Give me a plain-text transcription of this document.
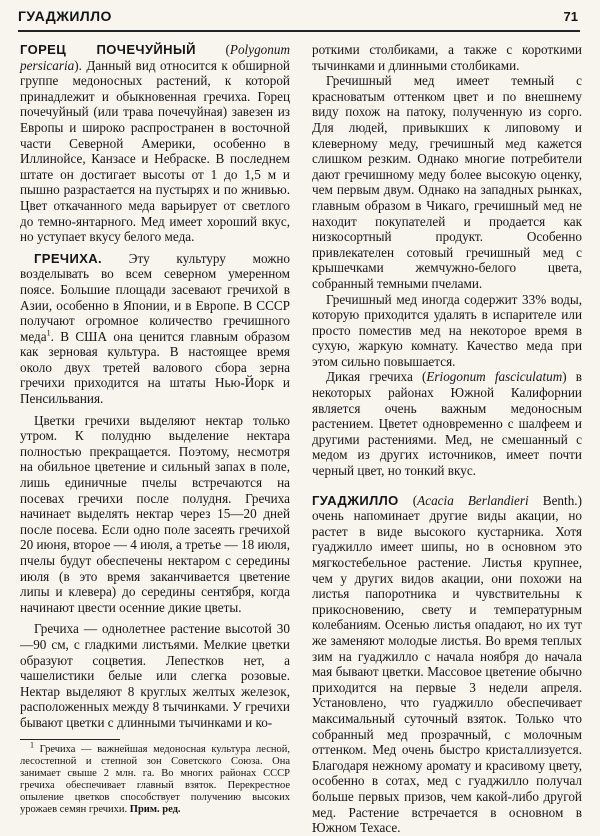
ГУАДЖИЛЛО	71

ГОРЕЦ ПОЧЕЧУЙНЫЙ (Polygonum persicaria). Данный вид относится к обширной группе медоносных растений, к которой принадлежит и обыкновенная гречиха. Горец почечуйный (или трава почечуйная) завезен из Европы и широко распространен в восточной части Северной Америки, особенно в Иллинойсе, Канзасе и Небраске. В последнем штате он достигает высоты от 1 до 1,5 м и пышно разрастается на пустырях и по жнивью. Цвет откачанного меда варьирует от светлого до темно-янтарного. Мед имеет хороший вкус, но уступает вкусу белого меда.

ГРЕЧИХА. Эту культуру можно возделывать во всем северном умеренном поясе. Большие площади засевают гречихой в Азии, особенно в Японии, и в Европе. В СССР получают огромное количество гречишного меда$^1$. В США она ценится главным образом как зерновая культура. В настоящее время около двух третей валового сбора зерна гречихи приходится на штаты Нью-Йорк и Пенсильвания.

Цветки гречихи выделяют нектар только утром. К полудню выделение нектара полностью прекращается. Поэтому, несмотря на обильное цветение и сильный запах в поле, лишь единичные пчелы встречаются на посевах гречихи после полудня. Гречиха начинает выделять нектар через 15—20 дней после посева. Если одно поле засеять гречихой 20 июня, второе — 4 июля, а третье — 18 июля, пчелы будут обеспечены нектаром с середины июля (в это время заканчивается цветение липы и клевера) до середины сентября, когда начинают цвести осенние дикие цветы.

Гречиха — однолетнее растение высотой 30—90 см, с гладкими листьями. Мелкие цветки образуют соцветия. Лепестков нет, а чашелистики белые или слегка розовые. Нектар выделяют 8 круглых желтых железок, расположенных между 8 тычинками. У гречихи бывают цветки с длинными тычинками и ко-

$^1$ Гречиха — важнейшая медоносная культура лесной, лесостепной и степной зон Советского Союза. Она занимает свыше 2 млн. га. Во многих районах СССР гречиха обеспечивает главный взяток. Перекрестное опыление цветков способствует получению высоких урожаев семян гречихи. Прим. ред.

роткими столбиками, а также с короткими тычинками и длинными столбиками.

Гречишный мед имеет темный с красноватым оттенком цвет и по внешнему виду похож на патоку, полученную из сорго. Для людей, привыкших к липовому и клеверному меду, гречишный мед кажется слишком резким. Однако многие потребители дают гречишному меду более высокую оценку, чем первым двум. Однако на западных рынках, главным образом в Чикаго, гречишный мед не находит покупателей и продается как низкосортный продукт. Особенно привлекателен сотовый гречишный мед с крышечками жемчужно-белого цвета, собранный темными пчелами.

Гречишный мед иногда содержит 33% воды, которую приходится удалять в испарителе или просто поместив мед на некоторое время в сухую, жаркую комнату. Качество меда при этом сильно повышается.

Дикая гречиха (Eriogonum fasciculatum) в некоторых районах Южной Калифорнии является очень важным медоносным растением. Цветет одновременно с шалфеем и другими растениями. Мед, не смешанный с медом из других источников, имеет почти черный цвет, но тонкий вкус.

ГУАДЖИЛЛО (Acacia Berlandieri Benth.) очень напоминает другие виды акации, но растет в виде высокого кустарника. Хотя гуаджилло имеет шипы, но в основном это мягкостебельное растение. Листья крупнее, чем у других видов акации, они похожи на листья папоротника и чувствительны к прикосновению, свету и температурным колебаниям. Осенью листья опадают, но их тут же заменяют молодые листья. Во время теплых зим на гуаджилло с начала ноября до начала мая бывают цветки. Массовое цветение обычно приходится на первые 3 недели апреля. Установлено, что гуаджилло обеспечивает максимальный суточный взяток. Только что собранный мед прозрачный, с молочным оттенком. Мед очень быстро кристаллизуется. Благодаря нежному аромату и красивому цвету, особенно в сотах, мед с гуаджилло получал больше первых призов, чем какой-либо другой мед. Растение встречается в основном в Южном Техасе.
